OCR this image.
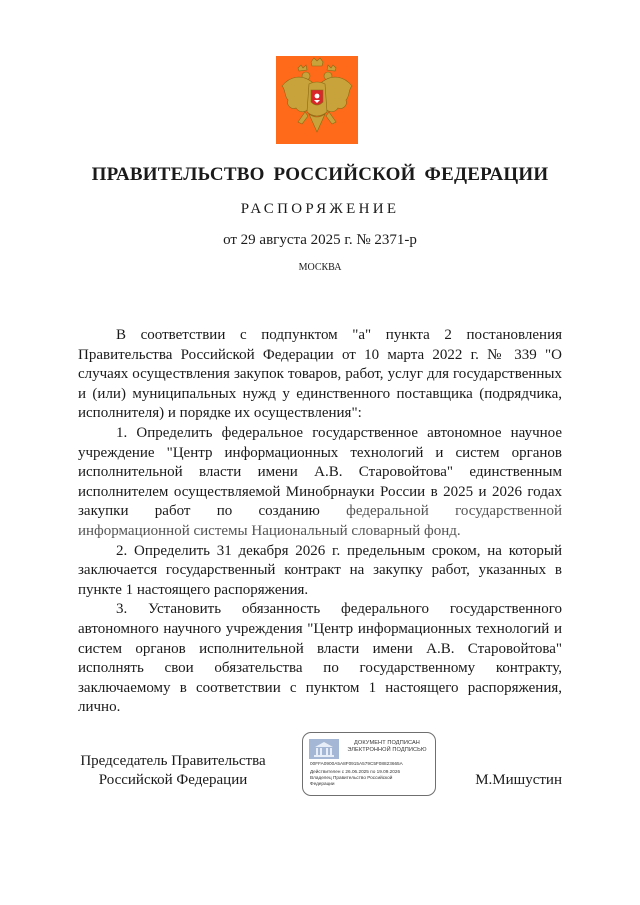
ПРАВИТЕЛЬСТВО РОССИЙСКОЙ ФЕДЕРАЦИИ
РАСПОРЯЖЕНИЕ
от 29 августа 2025 г. № 2371-р
МОСКВА

В соответствии с подпунктом "а" пункта 2 постановления Правительства Российской Федерации от 10 марта 2022 г. № 339 "О случаях осуществления закупок товаров, работ, услуг для государственных и (или) муниципальных нужд у единственного поставщика (подрядчика, исполнителя) и порядке их осуществления":

1. Определить федеральное государственное автономное научное учреждение "Центр информационных технологий и систем органов исполнительной власти имени А.В. Старовойтова" единственным исполнителем осуществляемой Минобрнауки России в 2025 и 2026 годах закупки работ по созданию федеральной государственной информационной системы Национальный словарный фонд.

2. Определить 31 декабря 2026 г. предельным сроком, на который заключается государственный контракт на закупку работ, указанных в пункте 1 настоящего распоряжения.

3. Установить обязанность федерального государственного автономного научного учреждения "Центр информационных технологий и систем органов исполнительной власти имени А.В. Старовойтова" исполнять свои обязательства по государственному контракту, заключаемому в соответствии с пунктом 1 настоящего распоряжения, лично.

Председатель Правительства
Российской Федерации
ДОКУМЕНТ ПОДПИСАН
ЭЛЕКТРОННОЙ ПОДПИСЬЮ
00FFA0900A5A8F0915A579C5F08823665A
Действителен с 26.06.2025 по 19.09.2026
Владелец Правительство Российской
Федерации	М.Мишустин
